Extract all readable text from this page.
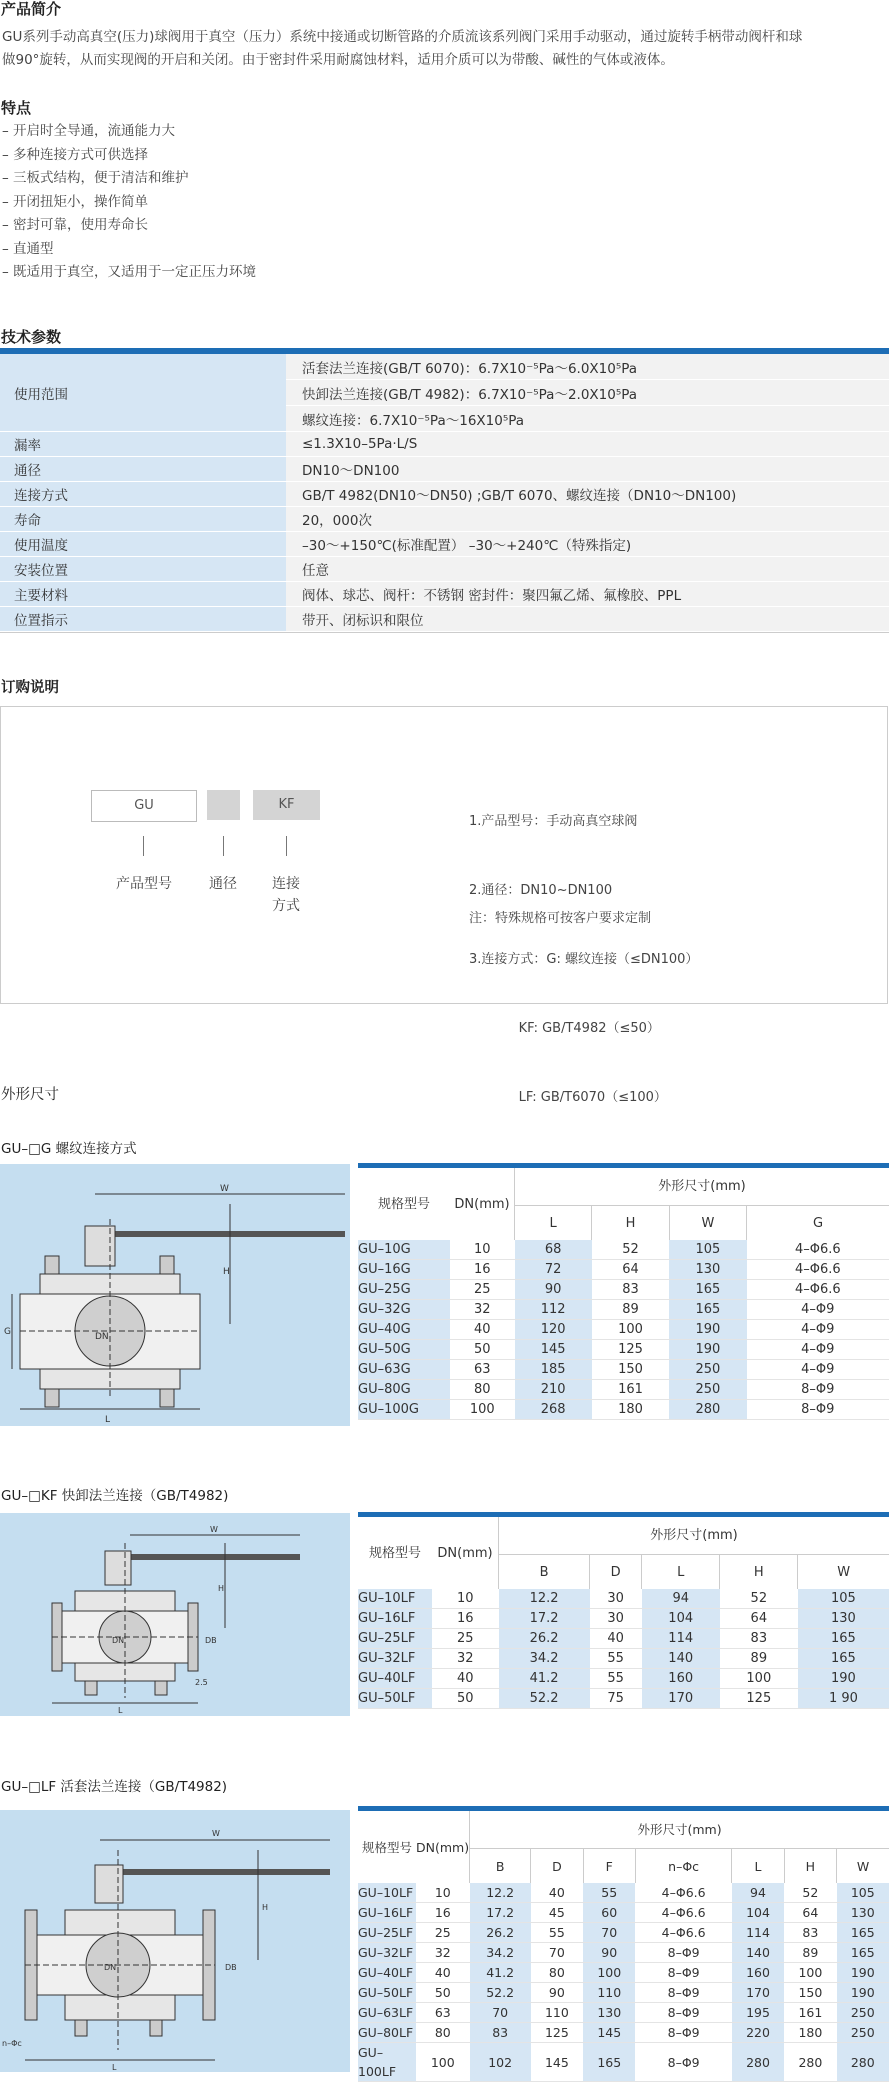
产品简介
GU系列手动高真空(压力)球阀用于真空（压力）系统中接通或切断管路的介质流该系列阀门采用手动驱动，通过旋转手柄带动阀杆和球
做90°旋转，从而实现阀的开启和关闭。由于密封件采用耐腐蚀材料，适用介质可以为带酸、碱性的气体或液体。
特点
– 开启时全导通，流通能力大
– 多种连接方式可供选择
– 三板式结构，便于清洁和维护
– 开闭扭矩小，操作简单
– 密封可靠，使用寿命长
– 直通型
– 既适用于真空，又适用于一定正压力环境
技术参数
使用范围	活套法兰连接(GB/T 6070)：6.7X10⁻⁵Pa～6.0X10⁵Pa
	快卸法兰连接(GB/T 4982)：6.7X10⁻⁵Pa～2.0X10⁵Pa
	螺纹连接：6.7X10⁻⁵Pa～16X10⁵Pa
漏率	≤1.3X10–5Pa·L/S
通径	DN10～DN100
连接方式	GB/T 4982(DN10～DN50) ;GB/T 6070、螺纹连接（DN10～DN100)
寿命	20，000次
使用温度	–30～+150℃(标准配置） –30～+240℃（特殊指定)
安装位置	任意
主要材料	阀体、球芯、阀杆：不锈钢 密封件：聚四氟乙烯、氟橡胶、PPL
位置指示	带开、闭标识和限位
订购说明
GU	KF
产品型号	通径	连接
方式

1.产品型号：手动高真空球阀

2.通径：DN10~DN100

3.连接方式：G: 螺纹连接（≤DN100）

KF: GB/T4982（≤50）

LF: GB/T6070（≤100）

注：特殊规格可按客户要求定制
外形尺寸
GU–□G 螺纹连接方式
W
H
G	DN
L
规格型号	DN(mm)	外形尺寸(mm)			
		L	H	W	G
GU–10G	10	68	52	105	4–Φ6.6
GU–16G	16	72	64	130	4–Φ6.6
GU–25G	25	90	83	165	4–Φ6.6
GU–32G	32	112	89	165	4–Φ9
GU–40G	40	120	100	190	4–Φ9
GU–50G	50	145	125	190	4–Φ9
GU–63G	63	185	150	250	4–Φ9
GU–80G	80	210	161	250	8–Φ9
GU–100G	100	268	180	280	8–Φ9
GU–□KF 快卸法兰连接（GB/T4982)
W
H
DB
DN
2.5
L
规格型号	DN(mm)	外形尺寸(mm)				
		B	D	L	H	W
GU–10LF	10	12.2	30	94	52	105
GU–16LF	16	17.2	30	104	64	130
GU–25LF	25	26.2	40	114	83	165
GU–32LF	32	34.2	55	140	89	165
GU–40LF	40	41.2	55	160	100	190
GU–50LF	50	52.2	75	170	125	1 90
GU–□LF 活套法兰连接（GB/T4982)
W
H
DB
DN
n–Φc
L
规格型号	DN(mm)	外形尺寸(mm)						
		B	D	F	n–Φc	L	H	W
GU–10LF	10	12.2	40	55	4–Φ6.6	94	52	105
GU–16LF	16	17.2	45	60	4–Φ6.6	104	64	130
GU–25LF	25	26.2	55	70	4–Φ6.6	114	83	165
GU–32LF	32	34.2	70	90	8–Φ9	140	89	165
GU–40LF	40	41.2	80	100	8–Φ9	160	100	190
GU–50LF	50	52.2	90	110	8–Φ9	170	150	190
GU–63LF	63	70	110	130	8–Φ9	195	161	250
GU–80LF	80	83	125	145	8–Φ9	220	180	250
GU–100LF	100	102	145	165	8–Φ9	280	280	280
